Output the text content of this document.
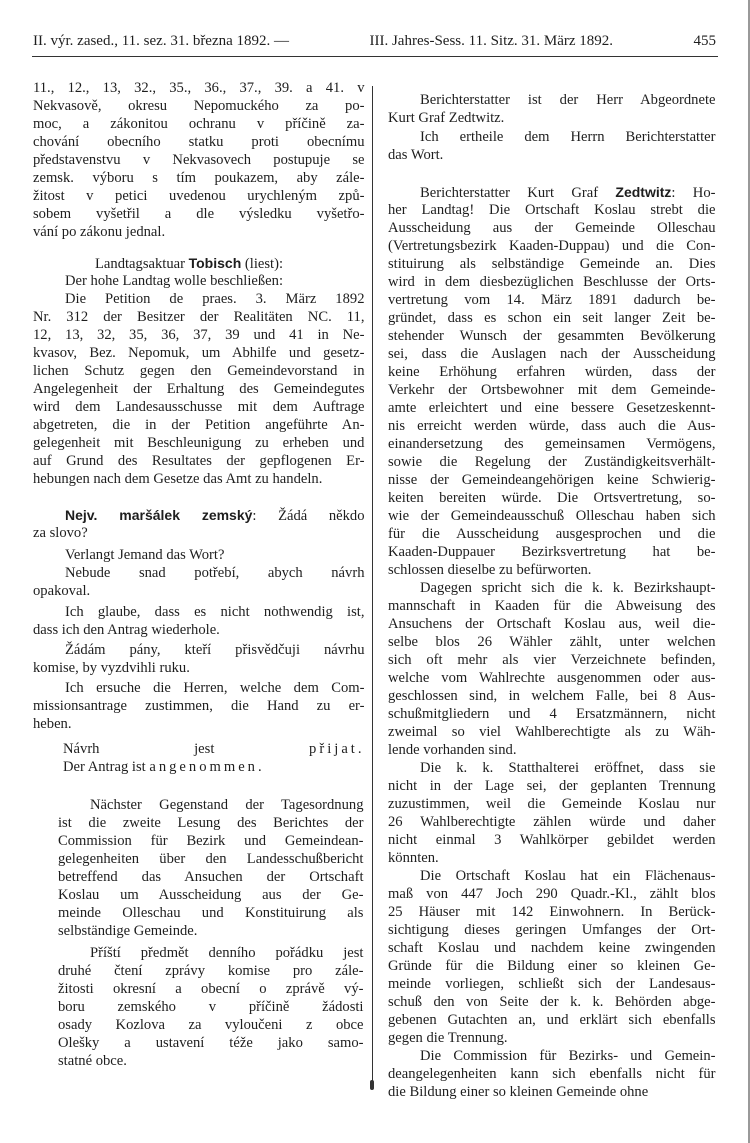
II. výr. zased., 11. sez. 31. března 1892. —	III. Jahres-Sess. 11. Sitz. 31. März 1892.	455
11., 12., 13, 32., 35., 36., 37., 39. a 41. v
Nekvasově, okresu Nepomuckého za po-
moc, a zákonitou ochranu v příčině za-
chování obecního statku proti obecnímu
představenstvu v Nekvasovech postupuje se
zemsk. výboru s tím poukazem, aby zále-
žitost v petici uvedenou urychleným způ-
sobem vyšetřil a dle výsledku vyšetřo-
vání po zákonu jednal.
Landtagsaktuar Tobisch (liest):
Der hohe Landtag wolle beschließen:
Die Petition de praes. 3. März 1892
Nr. 312 der Besitzer der Realitäten NC. 11,
12, 13, 32, 35, 36, 37, 39 und 41 in Ne-
kvasov, Bez. Nepomuk, um Abhilfe und gesetz-
lichen Schutz gegen den Gemeindevorstand in
Angelegenheit der Erhaltung des Gemeindegutes
wird dem Landesausschusse mit dem Auftrage
abgetreten, die in der Petition angeführte An-
gelegenheit mit Beschleunigung zu erheben und
auf Grund des Resultates der gepflogenen Er-
hebungen nach dem Gesetze das Amt zu handeln.
Nejv. maršálek zemský: Žádá někdo
za slovo?
Verlangt Jemand das Wort?
Nebude snad potřebí, abych návrh
opakoval.
Ich glaube, dass es nicht nothwendig ist,
dass ich den Antrag wiederhole.
Žádám pány, kteří přisvědčuji návrhu
komise, by vyzdvihli ruku.
Ich ersuche die Herren, welche dem Com-
missionsantrage zustimmen, die Hand zu er-
heben.
Návrh jest přijat.
Der Antrag ist angenommen.
Nächster Gegenstand der Tagesordnung
ist die zweite Lesung des Berichtes der
Commission für Bezirk und Gemeindean-
gelegenheiten über den Landesschußbericht
betreffend das Ansuchen der Ortschaft
Koslau um Ausscheidung aus der Ge-
meinde Olleschau und Konstituirung als
selbständige Gemeinde.
Příští předmět denního pořádku jest
druhé čtení zprávy komise pro zále-
žitosti okresní a obecní o zprávě vý-
boru zemského v příčině žádosti
osady Kozlova za vyloučeni z obce
Olešky a ustavení téže jako samo-
statné obce.
Berichterstatter ist der Herr Abgeordnete
Kurt Graf Zedtwitz.
Ich ertheile dem Herrn Berichterstatter
das Wort.
Berichterstatter Kurt Graf Zedtwitz: Ho-
her Landtag! Die Ortschaft Koslau strebt die
Ausscheidung aus der Gemeinde Olleschau
(Vertretungsbezirk Kaaden-Duppau) und die Con-
stituirung als selbständige Gemeinde an. Dies
wird in dem diesbezüglichen Beschlusse der Orts-
vertretung vom 14. März 1891 dadurch be-
gründet, dass es schon ein seit langer Zeit be-
stehender Wunsch der gesammten Bevölkerung
sei, dass die Auslagen nach der Ausscheidung
keine Erhöhung erfahren würden, dass der
Verkehr der Ortsbewohner mit dem Gemeinde-
amte erleichtert und eine bessere Gesetzeskennt-
nis erreicht werden würde, dass auch die Aus-
einandersetzung des gemeinsamen Vermögens,
sowie die Regelung der Zuständigkeitsverhält-
nisse der Gemeindeangehörigen keine Schwierig-
keiten bereiten würde. Die Ortsvertretung, so-
wie der Gemeindeausschuß Olleschau haben sich
für die Ausscheidung ausgesprochen und die
Kaaden-Duppauer Bezirksvertretung hat be-
schlossen dieselbe zu befürworten.
Dagegen spricht sich die k. k. Bezirkshaupt-
mannschaft in Kaaden für die Abweisung des
Ansuchens der Ortschaft Koslau aus, weil die-
selbe blos 26 Wähler zählt, unter welchen
sich oft mehr als vier Verzeichnete befinden,
welche vom Wahlrechte ausgenommen oder aus-
geschlossen sind, in welchem Falle, bei 8 Aus-
schußmitgliedern und 4 Ersatzmännern, nicht
zweimal so viel Wahlberechtigte als zu Wäh-
lende vorhanden sind.
Die k. k. Statthalterei eröffnet, dass sie
nicht in der Lage sei, der geplanten Trennung
zuzustimmen, weil die Gemeinde Koslau nur
26 Wahlberechtigte zählen würde und daher
nicht einmal 3 Wahlkörper gebildet werden
könnten.
Die Ortschaft Koslau hat ein Flächenaus-
maß von 447 Joch 290 Quadr.-Kl., zählt blos
25 Häuser mit 142 Einwohnern. In Berück-
sichtigung dieses geringen Umfanges der Ort-
schaft Koslau und nachdem keine zwingenden
Gründe für die Bildung einer so kleinen Ge-
meinde vorliegen, schließt sich der Landesaus-
schuß den von Seite der k. k. Behörden abge-
gebenen Gutachten an, und erklärt sich ebenfalls
gegen die Trennung.
Die Commission für Bezirks- und Gemein-
deangelegenheiten kann sich ebenfalls nicht für
die Bildung einer so kleinen Gemeinde ohne
